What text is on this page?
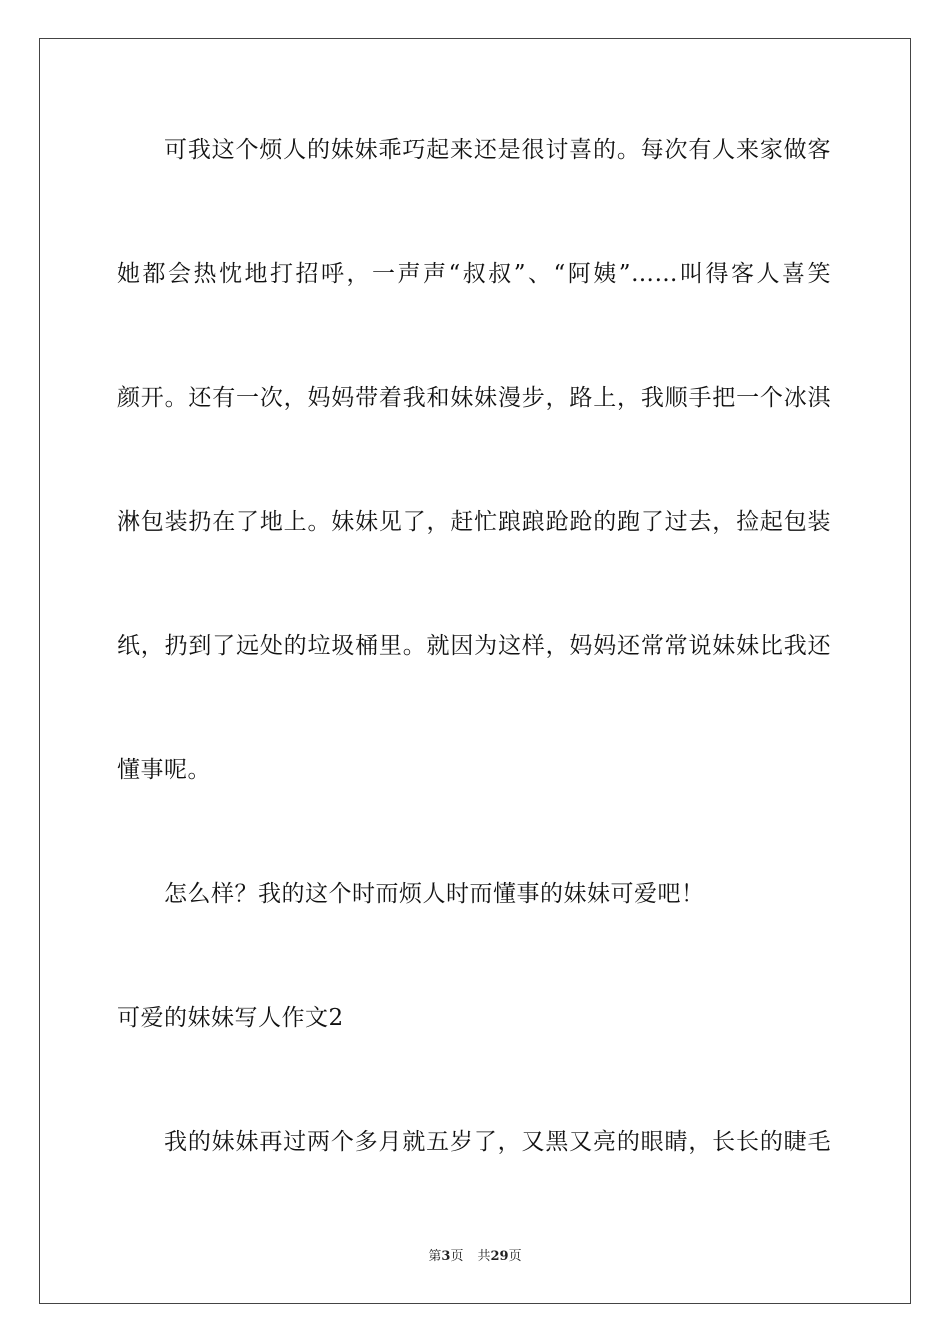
可我这个烦人的妹妹乖巧起来还是很讨喜的。每次有人来家做客
她都会热忱地打招呼，一声声“叔叔”、“阿姨”……叫得客人喜笑
颜开。还有一次，妈妈带着我和妹妹漫步，路上，我顺手把一个冰淇
淋包装扔在了地上。妹妹见了，赶忙踉踉跄跄的跑了过去，捡起包装
纸，扔到了远处的垃圾桶里。就因为这样，妈妈还常常说妹妹比我还
懂事呢。
怎么样？我的这个时而烦人时而懂事的妹妹可爱吧！
可爱的妹妹写人作文2
我的妹妹再过两个多月就五岁了，又黑又亮的眼睛，长长的睫毛
第3页 共29页
